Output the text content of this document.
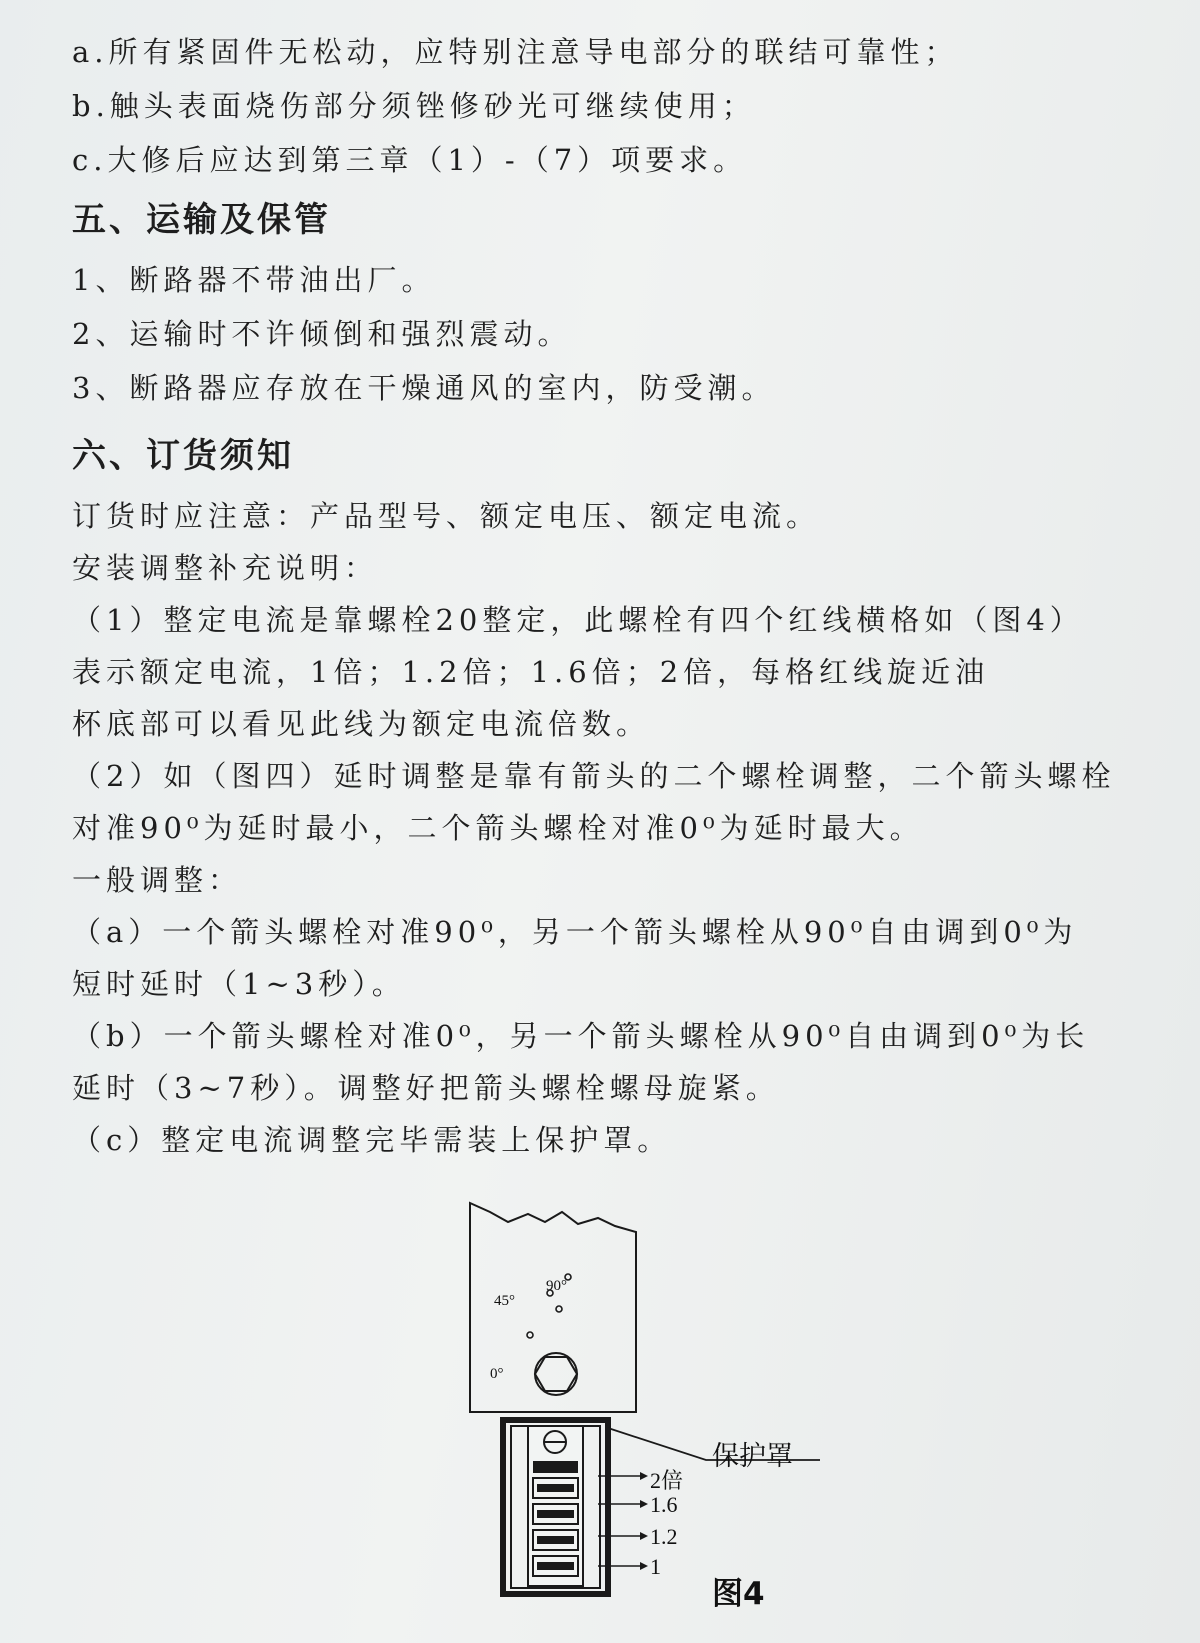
a.所有紧固件无松动，应特别注意导电部分的联结可靠性；

b.触头表面烧伤部分须锉修砂光可继续使用；

c.大修后应达到第三章（1）-（7）项要求。

五、运输及保管

1、断路器不带油出厂。

2、运输时不许倾倒和强烈震动。

3、断路器应存放在干燥通风的室内，防受潮。

六、订货须知

订货时应注意：产品型号、额定电压、额定电流。

安装调整补充说明：

（1）整定电流是靠螺栓20整定，此螺栓有四个红线横格如（图4）

表示额定电流，1倍；1.2倍；1.6倍；2倍，每格红线旋近油

杯底部可以看见此线为额定电流倍数。

（2）如（图四）延时调整是靠有箭头的二个螺栓调整，二个箭头螺栓

对准90⁰为延时最小，二个箭头螺栓对准0⁰为延时最大。

一般调整：

（a）一个箭头螺栓对准90⁰，另一个箭头螺栓从90⁰自由调到0⁰为

短时延时（1~3秒）。

（b）一个箭头螺栓对准0⁰，另一个箭头螺栓从90⁰自由调到0⁰为长

延时（3~7秒）。调整好把箭头螺栓螺母旋紧。

（c）整定电流调整完毕需装上保护罩。

90°
45°
0°
保护罩
2倍
1.6
1.2
1
图4
